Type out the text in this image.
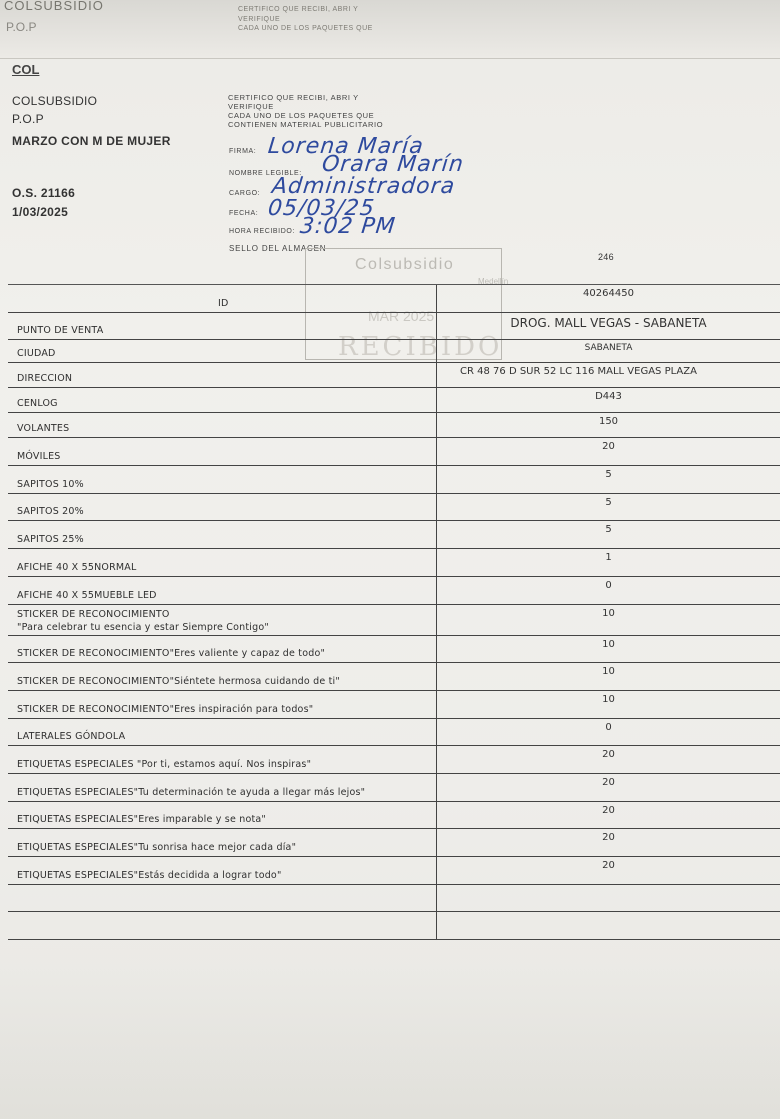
COLSUBSIDIO
P.O.P
CERTIFICO QUE RECIBI, ABRI Y
VERIFIQUE
CADA UNO DE LOS PAQUETES QUE
COL
COLSUBSIDIO
P.O.P
MARZO CON M DE MUJER
O.S. 21166
1/03/2025
CERTIFICO QUE RECIBI, ABRI Y
VERIFIQUE
CADA UNO DE LOS PAQUETES QUE
CONTIENEN MATERIAL PUBLICITARIO
FIRMA: Lorena María
NOMBRE LEGIBLE: Orara Marín
CARGO: Administradora
FECHA: 05/03/25
HORA RECIBIDO: 3:02 PM
SELLO DEL ALMACEN
246
Colsubsidio
Medellín
MAR 2025
RECIBIDO
ID
40264450
PUNTO DE VENTA
DROG. MALL VEGAS - SABANETA
CIUDAD	SABANETA
DIRECCION
CR 48 76 D SUR 52 LC 116 MALL VEGAS PLAZA
CENLOG
D443
VOLANTES
150
MÓVILES
20
SAPITOS 10%
5
SAPITOS 20%
5
SAPITOS 25%
5
AFICHE 40 X 55NORMAL
1
AFICHE 40 X 55MUEBLE LED
0
STICKER DE RECONOCIMIENTO
"Para celebrar tu esencia y estar Siempre Contigo"
10
STICKER DE RECONOCIMIENTO"Eres valiente y capaz de todo"
10
STICKER DE RECONOCIMIENTO"Siéntete hermosa cuidando de ti"
10
STICKER DE RECONOCIMIENTO"Eres inspiración para todos"
10
LATERALES GÓNDOLA
0
ETIQUETAS ESPECIALES "Por ti, estamos aquí. Nos inspiras"
20
ETIQUETAS ESPECIALES"Tu determinación te ayuda a llegar más lejos"
20
ETIQUETAS ESPECIALES"Eres imparable y se nota"
20
ETIQUETAS ESPECIALES"Tu sonrisa hace mejor cada día"
20
ETIQUETAS ESPECIALES"Estás decidida a lograr todo"
20
